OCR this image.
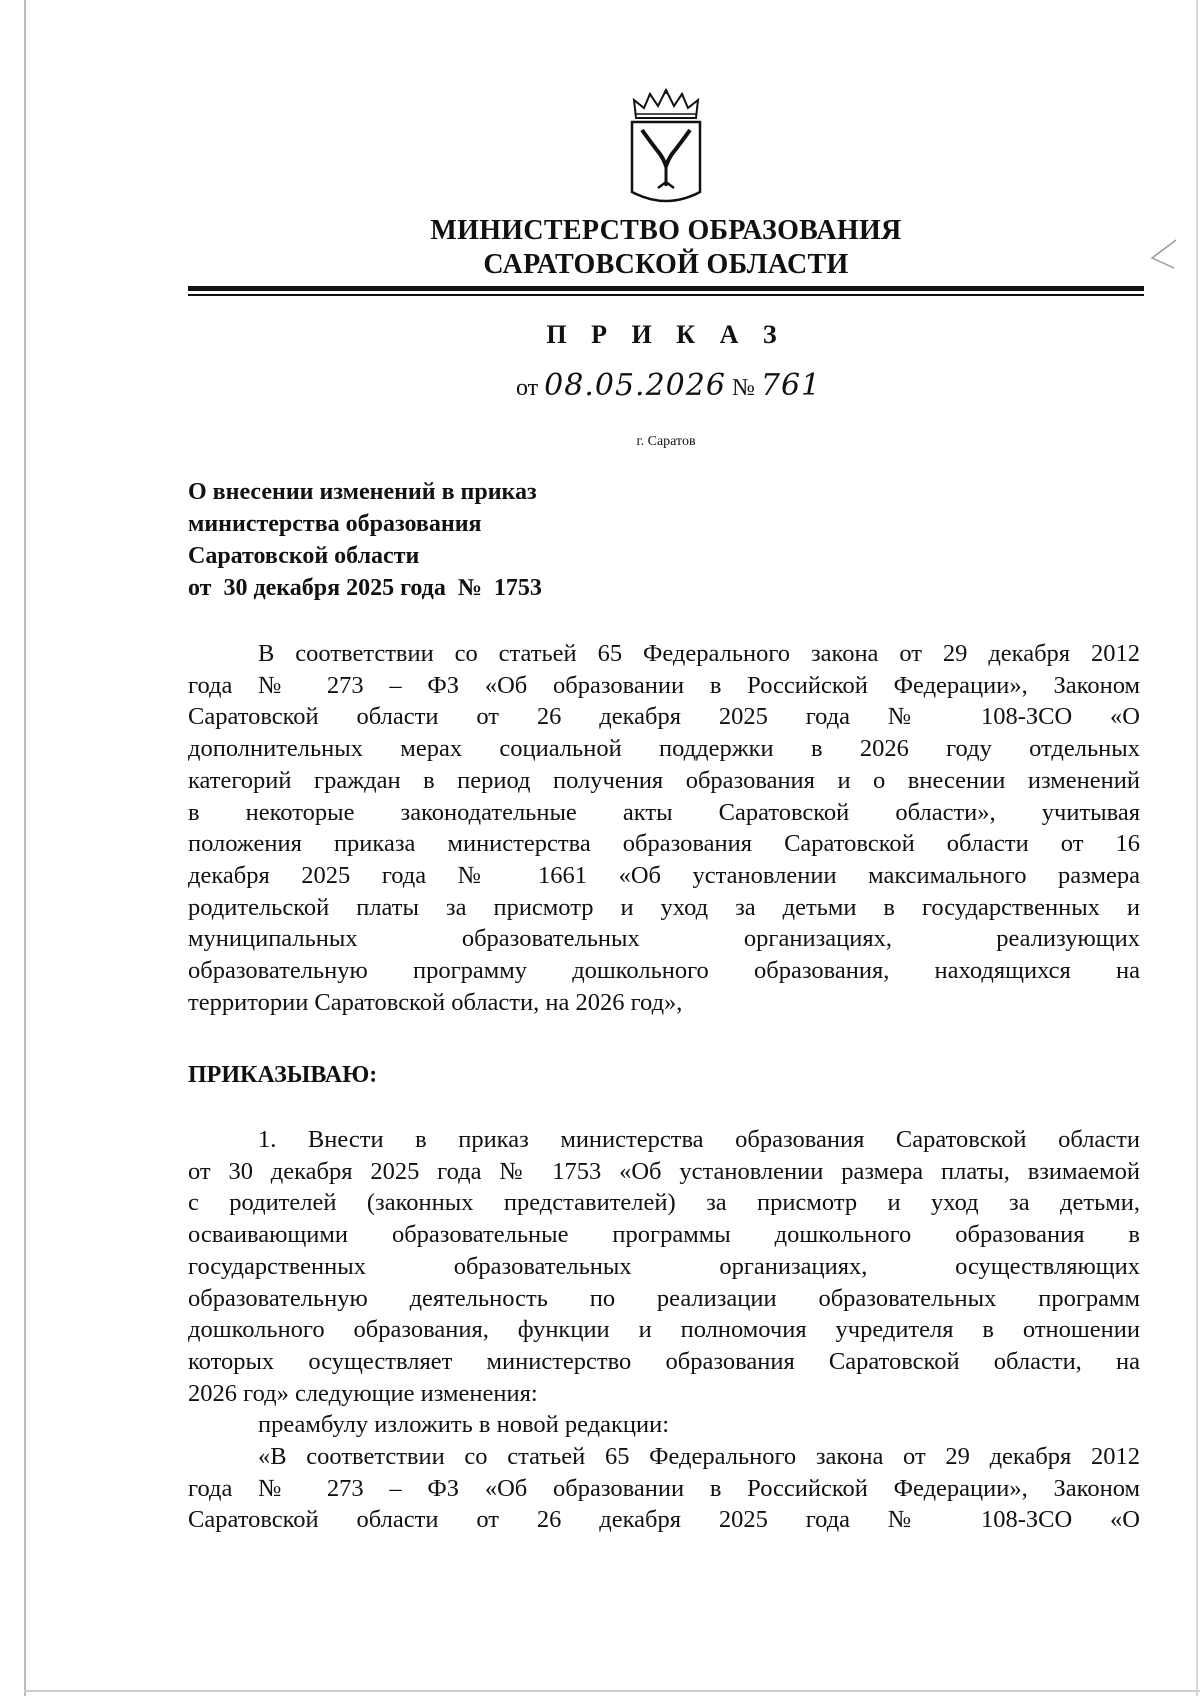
МИНИСТЕРСТВО ОБРАЗОВАНИЯ
САРАТОВСКОЙ ОБЛАСТИ
П Р И К А З
от 08.05.2026 № 761
г. Саратов
О внесении изменений в приказ
министерства образования
Саратовской области
от  30 декабря 2025 года  №  1753
В соответствии со статьей 65 Федерального закона от 29 декабря 2012
года № 273 – ФЗ «Об образовании в Российской Федерации», Законом
Саратовской области от 26 декабря 2025 года № 108-ЗСО «О
дополнительных мерах социальной поддержки в 2026 году отдельных
категорий граждан в период получения образования и о внесении изменений
в некоторые законодательные акты Саратовской области», учитывая
положения приказа министерства образования Саратовской области от 16
декабря 2025 года № 1661 «Об установлении максимального размера
родительской платы за присмотр и уход за детьми в государственных и
муниципальных образовательных организациях, реализующих
образовательную программу дошкольного образования, находящихся на
территории Саратовской области, на 2026 год»,
ПРИКАЗЫВАЮ:
1. Внести в приказ министерства образования Саратовской области
от 30 декабря 2025 года № 1753 «Об установлении размера платы, взимаемой
с родителей (законных представителей) за присмотр и уход за детьми,
осваивающими образовательные программы дошкольного образования в
государственных образовательных организациях, осуществляющих
образовательную деятельность по реализации образовательных программ
дошкольного образования, функции и полномочия учредителя в отношении
которых осуществляет министерство образования Саратовской области, на
2026 год» следующие изменения:
преамбулу изложить в новой редакции:
«В соответствии со статьей 65 Федерального закона от 29 декабря 2012
года № 273 – ФЗ «Об образовании в Российской Федерации», Законом
Саратовской области от 26 декабря 2025 года № 108-ЗСО «О
